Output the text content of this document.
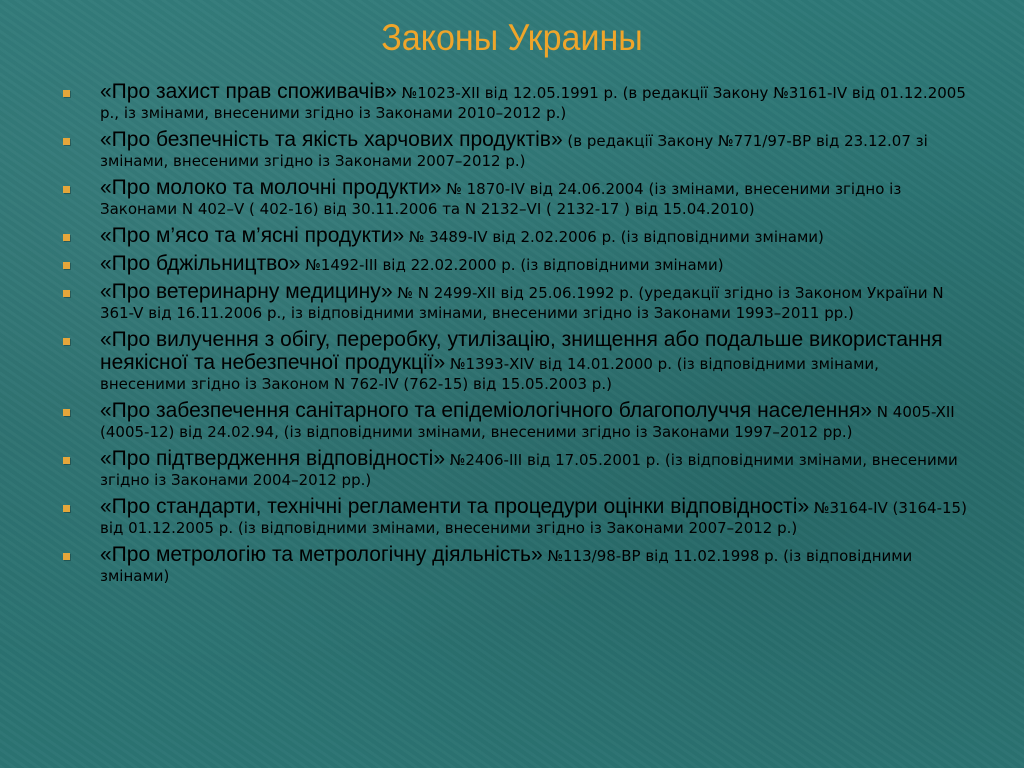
Законы Украины
«Про захист прав споживачів» №1023-XII від 12.05.1991 р. (в редакції Закону №3161-IV від 01.12.2005 р., із змінами, внесеними згідно із Законами 2010–2012 р.)
«Про безпечність та якість харчових продуктів» (в редакції Закону №771/97-ВР від 23.12.07 зі змінами, внесеними згідно із Законами 2007–2012 р.)
«Про молоко та молочні продукти» № 1870-IV від 24.06.2004 (із змінами, внесеними згідно із Законами N 402–V ( 402-16) від 30.11.2006 та N 2132–VI ( 2132-17 ) від 15.04.2010)
«Про м’ясо та м’ясні продукти» № 3489-IV від 2.02.2006 р. (із відповідними змінами)
«Про бджільництво» №1492-III від 22.02.2000 р. (із відповідними змінами)
«Про ветеринарну медицину» № N 2499-XII від 25.06.1992 р. (уредакції згідно із Законом України N 361-V від 16.11.2006 р., із відповідними змінами, внесеними згідно із Законами 1993–2011 рр.)
«Про вилучення з обігу, переробку, утилізацію, знищення або подальше використання неякісної та небезпечної продукції» №1393-XIV від 14.01.2000 р. (із відповідними змінами, внесеними згідно із Законом N 762-IV (762-15) від 15.05.2003 р.)
«Про забезпечення санітарного та епідеміологічного благополуччя населення» N 4005-XII (4005-12) від 24.02.94, (із відповідними змінами, внесеними згідно із Законами 1997–2012 рр.)
«Про підтвердження відповідності» №2406-III від 17.05.2001 р. (із відповідними змінами, внесеними згідно із Законами 2004–2012 рр.)
«Про стандарти, технічні регламенти та процедури оцінки відповідності» №3164-IV (3164-15) від 01.12.2005 р. (із відповідними змінами, внесеними згідно із Законами 2007–2012 р.)
«Про метрологію та метрологічну діяльність» №113/98-ВР від 11.02.1998 р. (із відповідними змінами)
